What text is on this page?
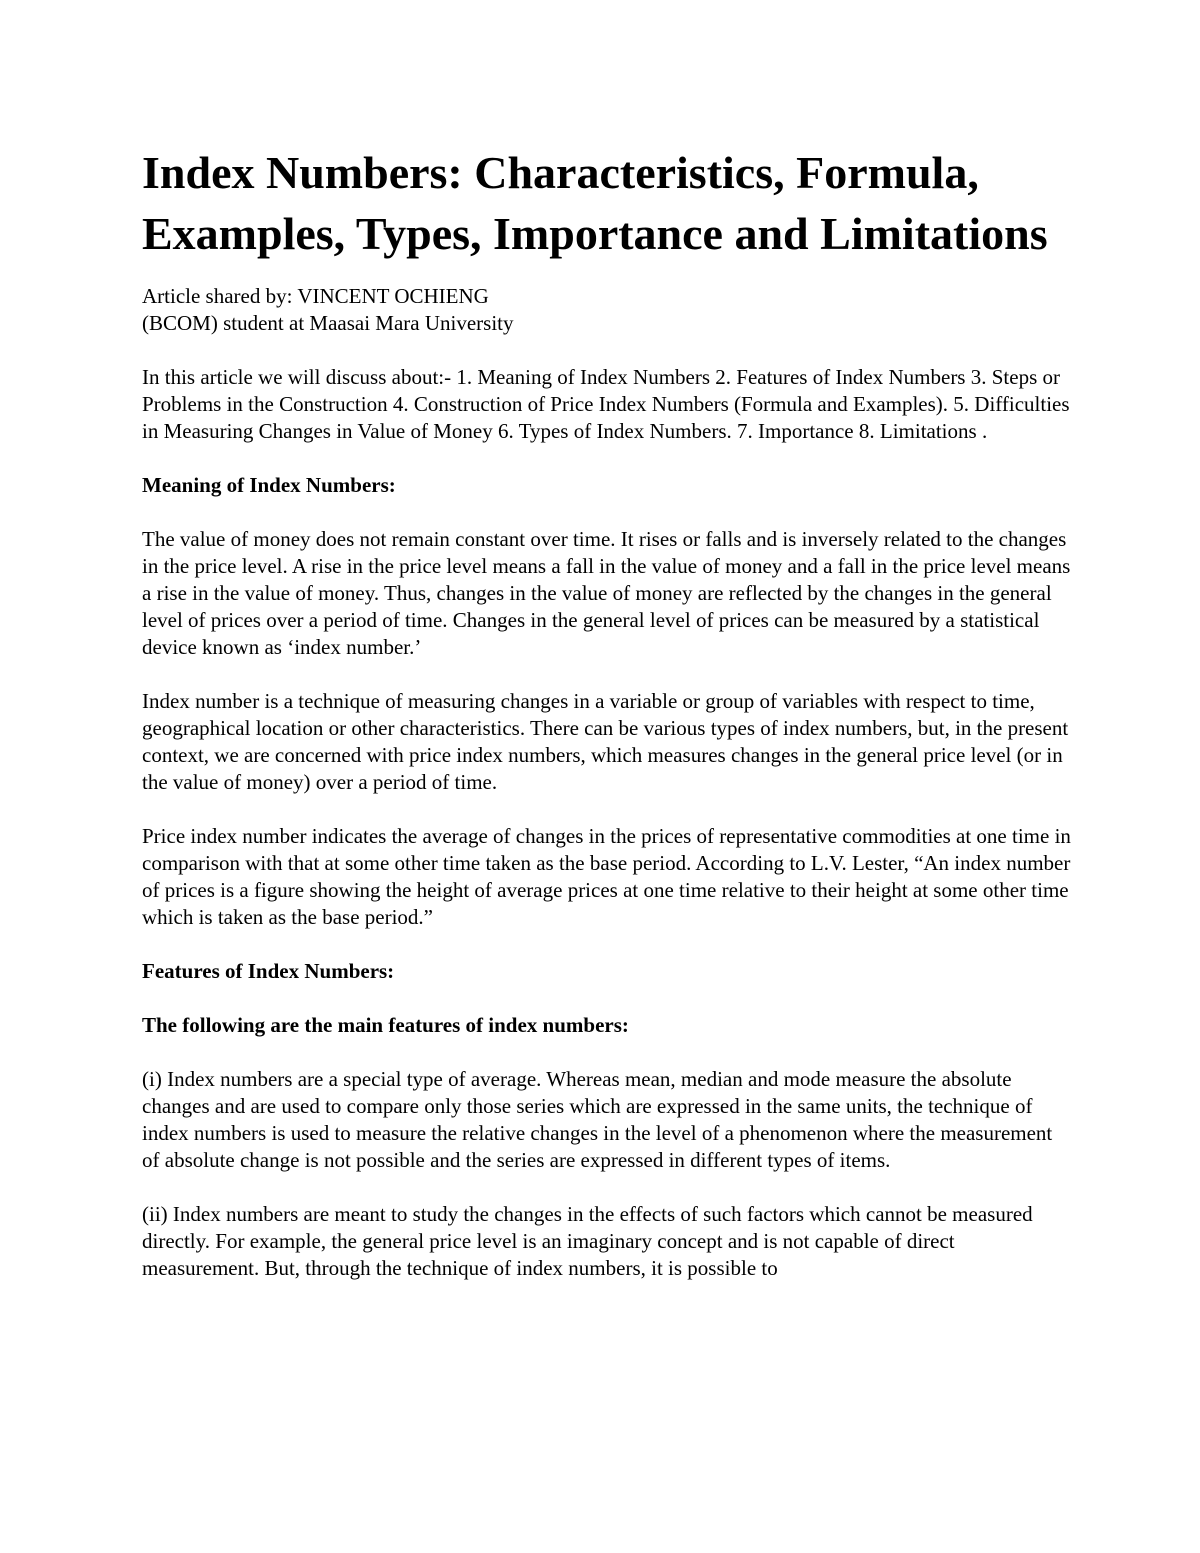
Index Numbers: Characteristics, Formula, Examples, Types, Importance and Limitations

Article shared by: VINCENT OCHIENG

(BCOM) student at Maasai Mara University

In this article we will discuss about:- 1. Meaning of Index Numbers 2. Features of Index Numbers 3. Steps or Problems in the Construction 4. Construction of Price Index Numbers (Formula and Examples). 5. Difficulties in Measuring Changes in Value of Money 6. Types of Index Numbers. 7. Importance 8. Limitations .

Meaning of Index Numbers:

The value of money does not remain constant over time. It rises or falls and is inversely related to the changes in the price level. A rise in the price level means a fall in the value of money and a fall in the price level means a rise in the value of money. Thus, changes in the value of money are reflected by the changes in the general level of prices over a period of time. Changes in the general level of prices can be measured by a statistical device known as ‘index number.’

Index number is a technique of measuring changes in a variable or group of variables with respect to time, geographical location or other characteristics. There can be various types of index numbers, but, in the present context, we are concerned with price index numbers, which measures changes in the general price level (or in the value of money) over a period of time.

Price index number indicates the average of changes in the prices of representative commodities at one time in comparison with that at some other time taken as the base period. According to L.V. Lester, “An index number of prices is a figure showing the height of average prices at one time relative to their height at some other time which is taken as the base period.”

Features of Index Numbers:

The following are the main features of index numbers:

(i) Index numbers are a special type of average. Whereas mean, median and mode measure the absolute changes and are used to compare only those series which are expressed in the same units, the technique of index numbers is used to measure the relative changes in the level of a phenomenon where the measurement of absolute change is not possible and the series are expressed in different types of items.

(ii) Index numbers are meant to study the changes in the effects of such factors which cannot be measured directly. For example, the general price level is an imaginary concept and is not capable of direct measurement. But, through the technique of index numbers, it is possible to
